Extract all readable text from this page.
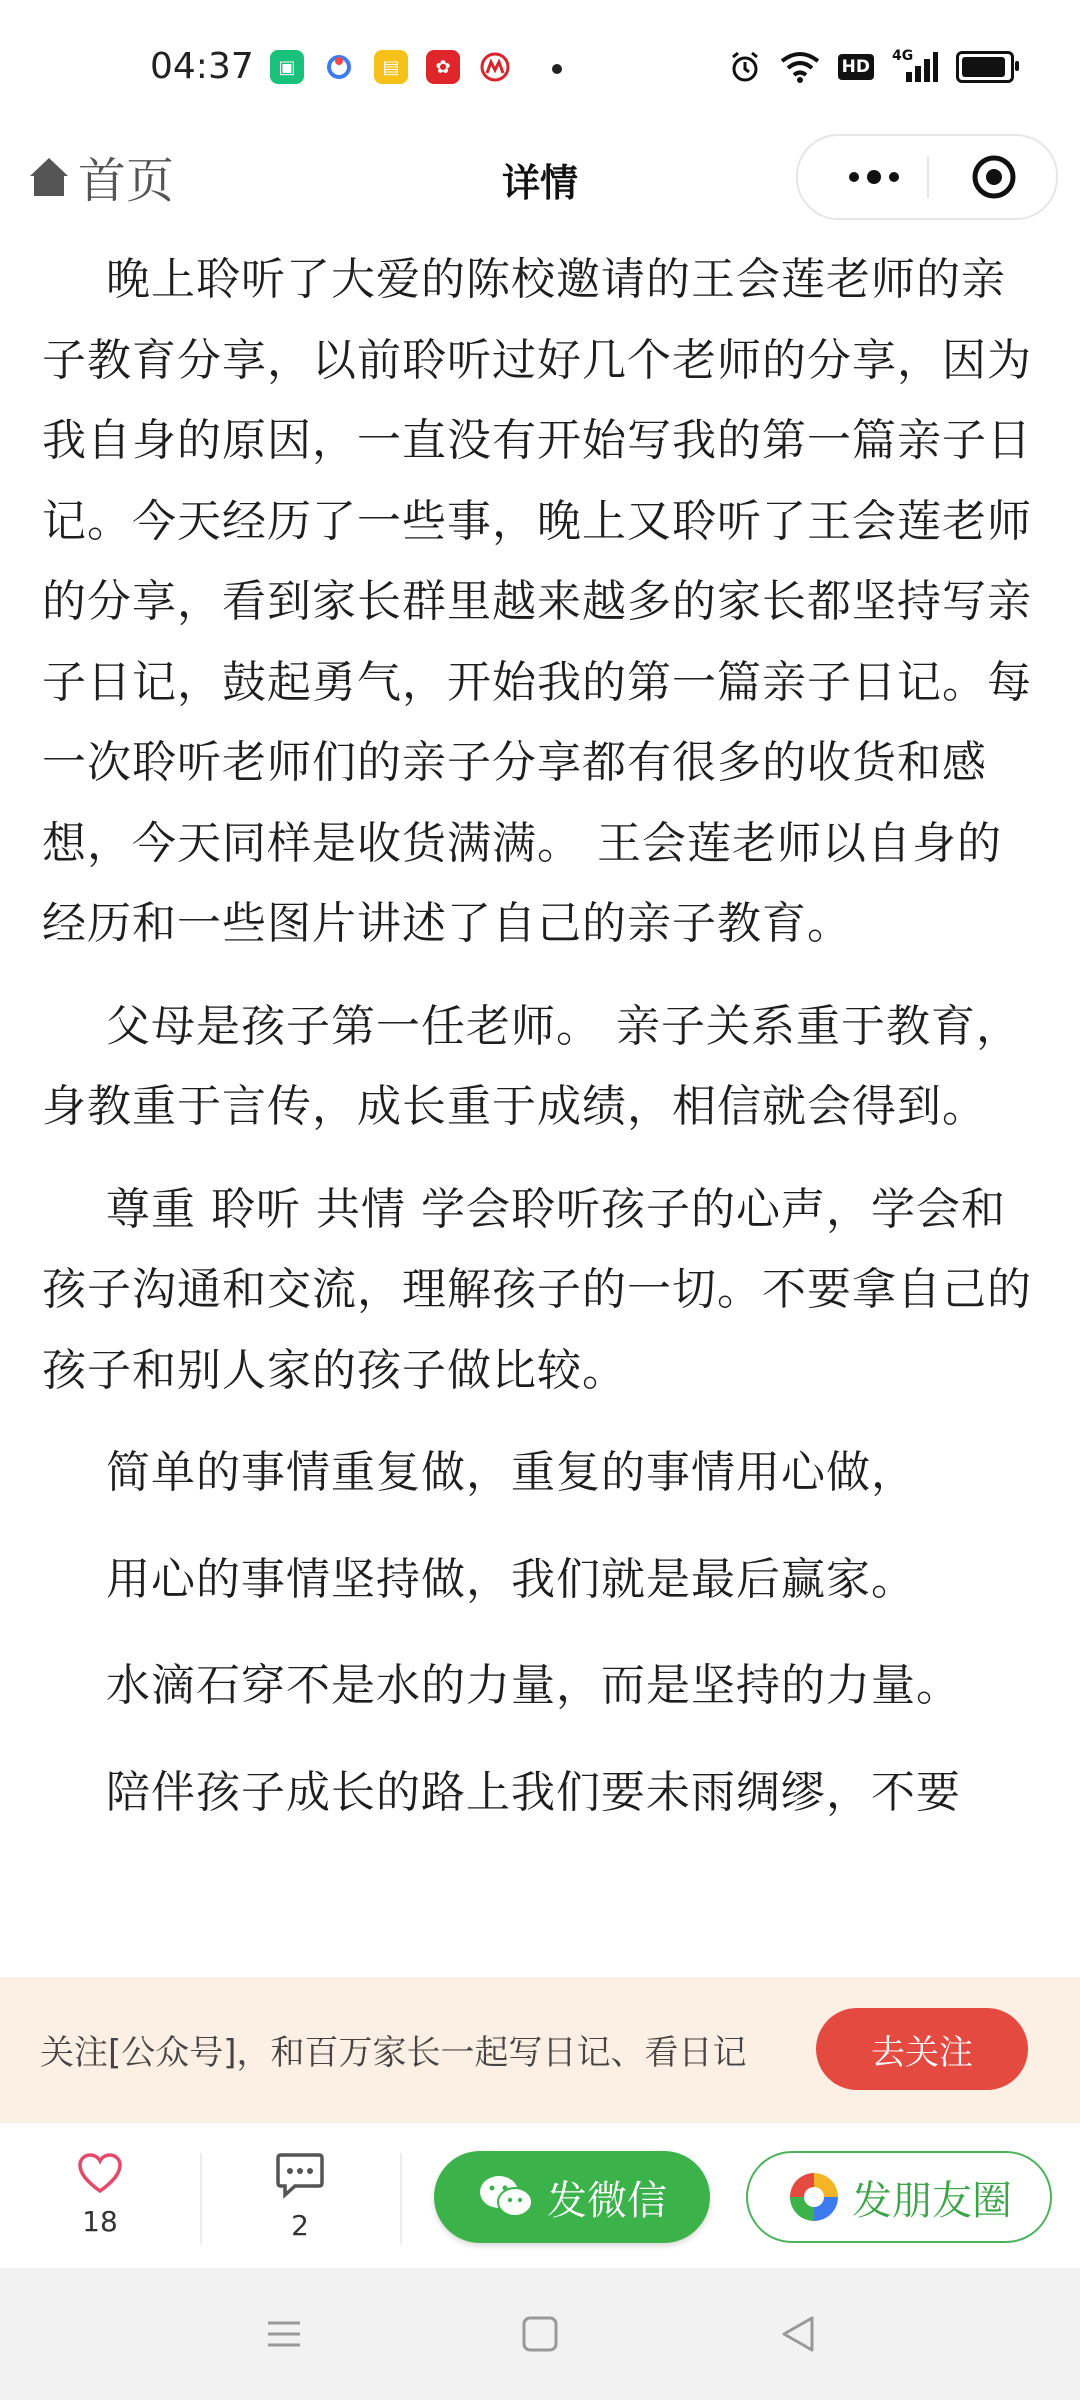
04:37	▣	▤	✿	HD
4G
首页	详情

晚上聆听了大爱的陈校邀请的王会莲老师的亲子教育分享，以前聆听过好几个老师的分享，因为我自身的原因，一直没有开始写我的第一篇亲子日记。今天经历了一些事，晚上又聆听了王会莲老师的分享，看到家长群里越来越多的家长都坚持写亲子日记，鼓起勇气，开始我的第一篇亲子日记。每一次聆听老师们的亲子分享都有很多的收货和感想，今天同样是收货满满。 王会莲老师以自身的经历和一些图片讲述了自己的亲子教育。

父母是孩子第一任老师。 亲子关系重于教育，身教重于言传，成长重于成绩，相信就会得到。

尊重 聆听 共情 学会聆听孩子的心声，学会和孩子沟通和交流，理解孩子的一切。不要拿自己的孩子和别人家的孩子做比较。

简单的事情重复做，重复的事情用心做，

用心的事情坚持做，我们就是最后赢家。

水滴石穿不是水的力量，而是坚持的力量。

陪伴孩子成长的路上我们要未雨绸缪，不要

关注[公众号]，和百万家长一起写日记、看日记	去关注
18	2
发微信	发朋友圈
